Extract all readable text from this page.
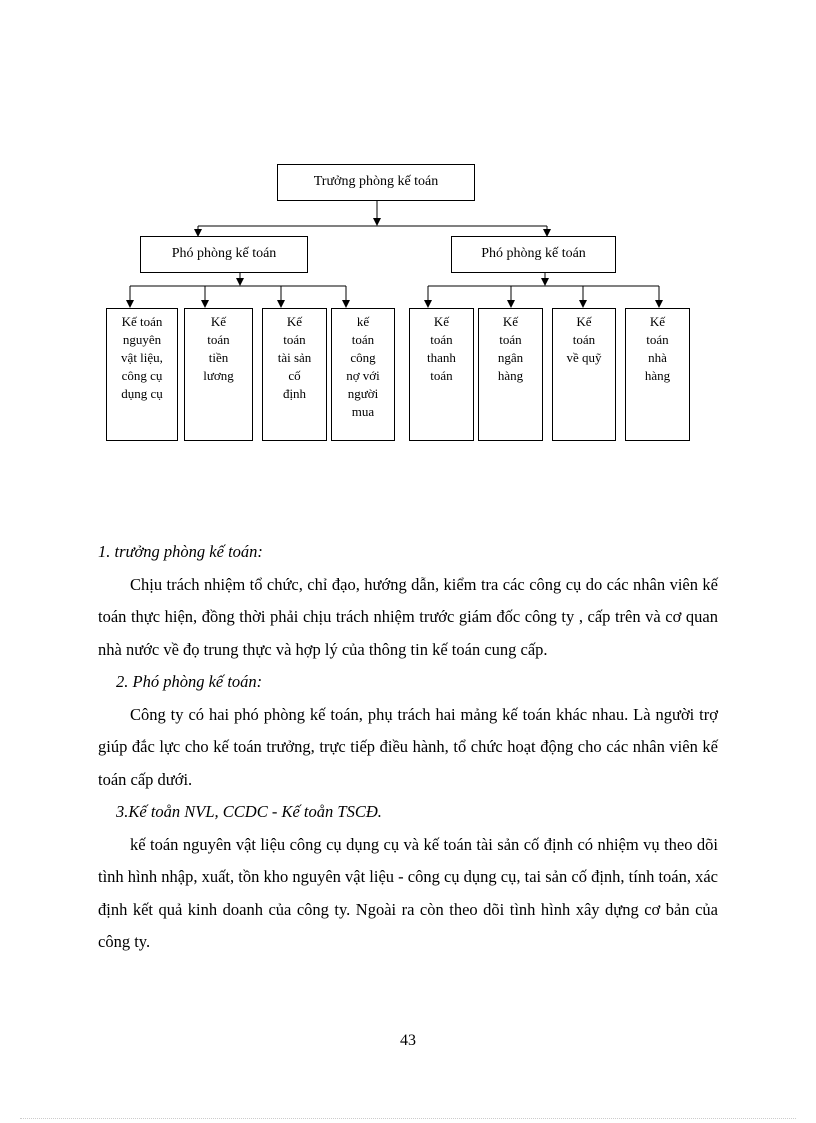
Trưởng phòng kế toán
Phó phòng kế toán	Phó phòng kế toán
Kế toán
nguyên
vật liệu,
công cụ
dụng cụ
Kế
toán
tiền
lương
Kế
toán
tài sản
cố
định
kế
toán
công
nợ với
người
mua
Kế
toán
thanh
toán
Kế
toán
ngân
hàng
Kế
toán
về quỹ
Kế
toán
nhà
hàng
1. trưởng phòng kế toán:
Chịu trách nhiệm tổ chức, chỉ đạo, hướng dẫn, kiểm tra các công cụ do các nhân viên kế toán thực hiện, đồng thời phải chịu trách nhiệm trước giám đốc công ty , cấp trên và cơ quan nhà nước về đọ trung thực và hợp lý của thông tin kế toán cung cấp.
2. Phó phòng kế toán:
Công ty có hai phó phòng kế toán, phụ trách hai mảng kế toán khác nhau. Là người trợ giúp đắc lực cho kế toán trưởng, trực tiếp điều hành, tổ chức hoạt động cho các nhân viên kế toán cấp dưới.
3.Kế toån NVL, CCDC - Kế toån TSCĐ.
kế toán nguyên vật liệu công cụ dụng cụ và kế toán tài sản cố định có nhiệm vụ theo dõi tình hình nhập, xuất, tồn kho nguyên vật liệu - công cụ dụng cụ, tai sản cố định, tính toán, xác định kết quả kinh doanh của công ty. Ngoài ra còn theo dõi tình hình xây dựng cơ bản của công ty.
43
